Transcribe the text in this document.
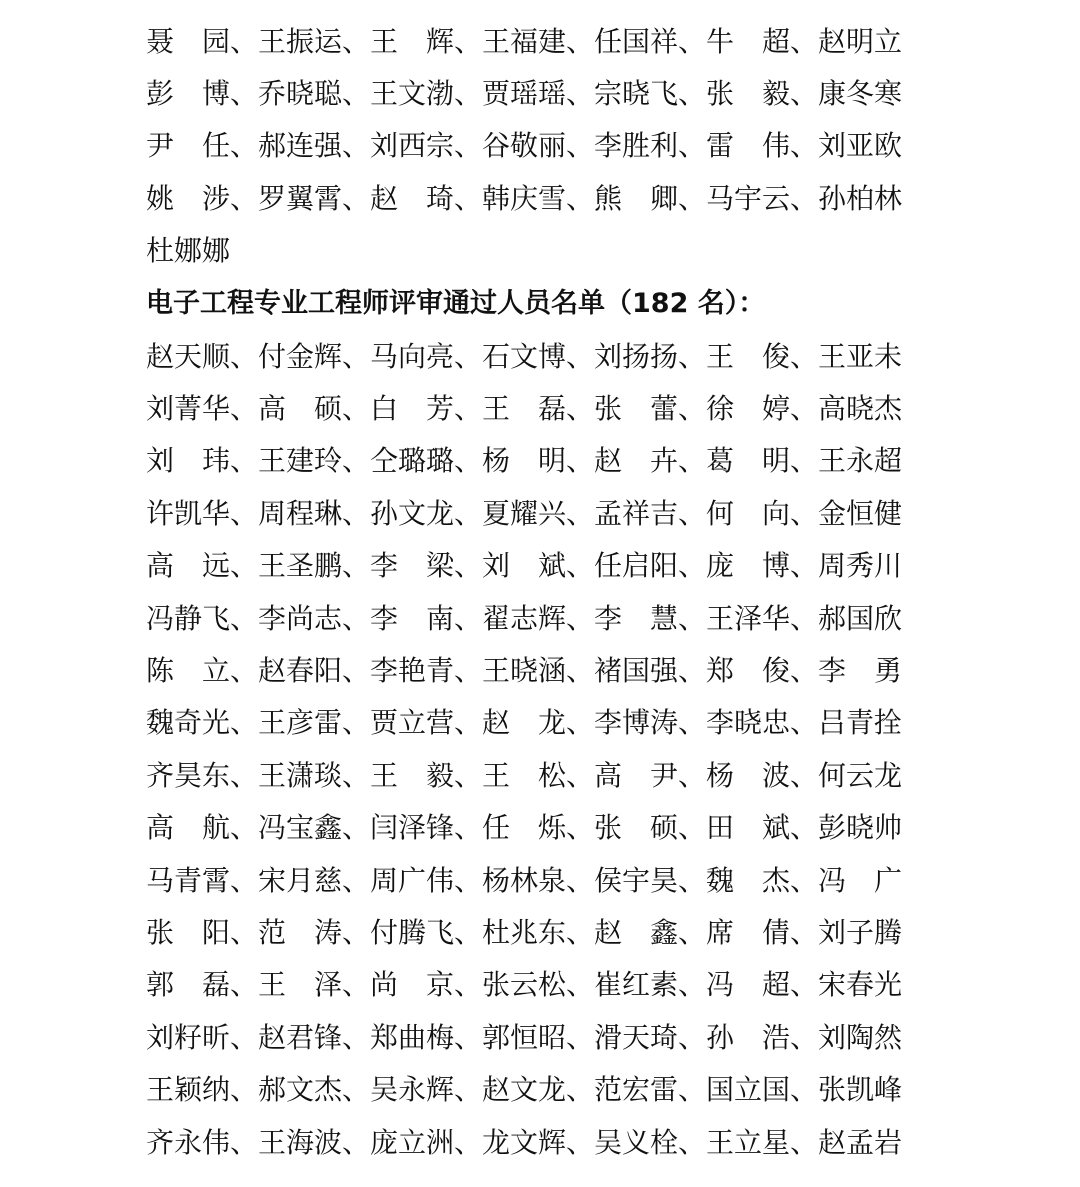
聂　园、王振运、王　辉、王福建、任国祥、牛　超、赵明立
彭　博、乔晓聪、王文渤、贾瑶瑶、宗晓飞、张　毅、康冬寒
尹　任、郝连强、刘西宗、谷敬丽、李胜利、雷　伟、刘亚欧
姚　涉、罗翼霄、赵　琦、韩庆雪、熊　卿、马宇云、孙柏林
杜娜娜
电子工程专业工程师评审通过人员名单（182 名）：
赵天顺、付金辉、马向亮、石文博、刘扬扬、王　俊、王亚未
刘菁华、高　硕、白　芳、王　磊、张　蕾、徐　婷、高晓杰
刘　玮、王建玲、仝璐璐、杨　明、赵　卉、葛　明、王永超
许凯华、周程琳、孙文龙、夏耀兴、孟祥吉、何　向、金恒健
高　远、王圣鹏、李　梁、刘　斌、任启阳、庞　博、周秀川
冯静飞、李尚志、李　南、翟志辉、李　慧、王泽华、郝国欣
陈　立、赵春阳、李艳青、王晓涵、褚国强、郑　俊、李　勇
魏奇光、王彦雷、贾立营、赵　龙、李博涛、李晓忠、吕青拴
齐昊东、王潇琰、王　毅、王　松、高　尹、杨　波、何云龙
高　航、冯宝鑫、闫泽锋、任　烁、张　硕、田　斌、彭晓帅
马青霄、宋月慈、周广伟、杨林泉、侯宇昊、魏　杰、冯　广
张　阳、范　涛、付腾飞、杜兆东、赵　鑫、席　倩、刘子腾
郭　磊、王　泽、尚　京、张云松、崔红素、冯　超、宋春光
刘籽昕、赵君锋、郑曲梅、郭恒昭、滑天琦、孙　浩、刘陶然
王颖纳、郝文杰、吴永辉、赵文龙、范宏雷、国立国、张凯峰
齐永伟、王海波、庞立洲、龙文辉、吴义栓、王立星、赵孟岩
